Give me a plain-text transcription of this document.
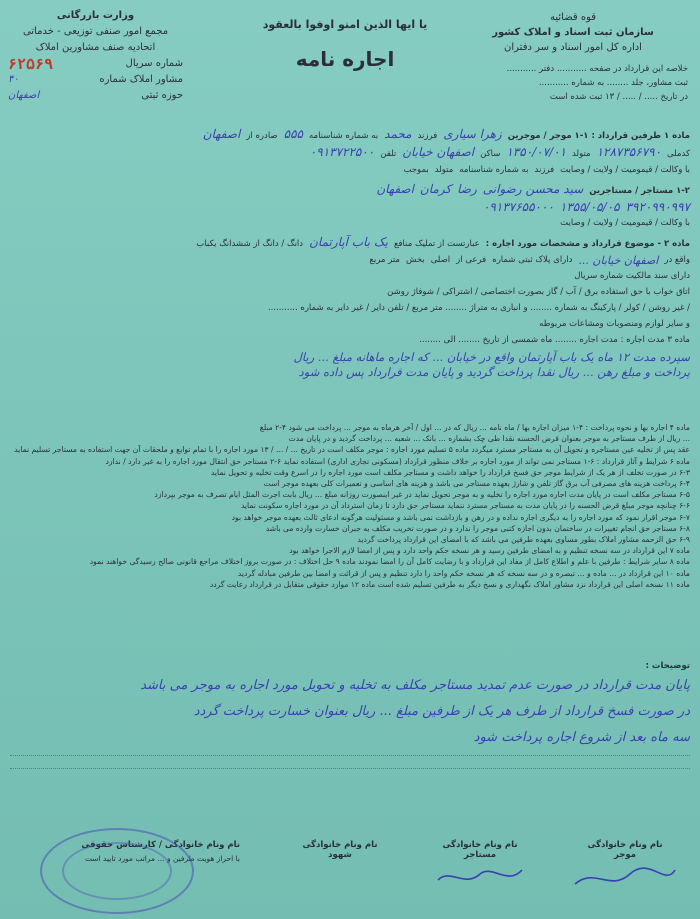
وزارت بازرگانی
مجمع امور صنفی توزیعی - خدماتی
اتحادیه صنف مشاورین املاک
شماره سریال
۶۲۵۶۹
مشاور املاک شماره
۴۰
حوزه ثبتی
اصفهان
یا ایها الذین امنو اوفوا بالعقود
اجاره نامه
قوه قضائیه
سازمان ثبت اسناد و املاک کشور
اداره کل امور اسناد و سر دفتران
خلاصه این قرارداد در صفحه ........... دفتر ...........
ثبت مشاور، جلد ........ به شماره ...........
در تاریخ ..... / ..... / ۱۳ ثبت شده است
ماده ۱ طرفین قرارداد : ۱-۱ موجر / موجرین
زهرا سیاری
فرزند
محمد
به شماره شناسنامه
۵۵۵
صادره از
اصفهان
کدملی
۱۲۸۷۳۵۶۷۹۰
متولد
۱۳۵۰/۰۷/۰۱
ساکن
اصفهان خیابان
تلفن
۰۹۱۳۷۲۲۵۰۰
با وکالت / قیمومیت / ولایت / وصایت
فرزند
به شماره شناسنامه
متولد
بموجب
۱-۲ مستاجر / مستاجرین
سید محسن رضوانی
رضا
کرمان
اصفهان
۳۹۲۰۹۹۰۹۹۷
۱۳۵۵/۰۵/۰۵
۰۹۱۳۷۶۵۵۰۰۰
با وکالت / قیمومیت / ولایت / وصایت
ماده ۲ - موضوع قرارداد و مشخصات مورد اجاره :
عبارتست از تملیک منافع
یک باب آپارتمان
دانگ / دانگ از ششدانگ یکباب
واقع در
اصفهان خیابان ...
دارای پلاک ثبتی شماره
فرعی از
اصلی
بخش
متر مربع
دارای سند مالکیت شماره سریال
اتاق خواب با حق استفاده برق / آب / گاز بصورت اختصاصی / اشتراکی / شوفاژ روشن
/ غیر روشن / کولر / پارکینگ به شماره ........ و انباری به متراژ ........ متر مربع / تلفن دایر / غیر دایر به شماره ...........
و سایر لوازم ومنصوبات ومشاعات مربوطه
ماده ۳ مدت اجاره : مدت اجاره ........ ماه شمسی از تاریخ ........ الی ........
سپرده مدت ۱۲ ماه یک باب آپارتمان واقع در خیابان ... که اجاره ماهانه مبلغ ... ریال
پرداخت و مبلغ رهن ... ریال نقدا پرداخت گردید و پایان مدت قرارداد پس داده شود
ماده ۴ اجاره بها و نحوه پرداخت : ۴-۱ میزان اجاره بها / ماه نامه ... ریال که در ... اول / آخر هرماه به موجر ... پرداخت می شود ۴-۲ مبلغ
... ریال از طرف مستاجر به موجر بعنوان قرض الحسنه نقدا طی چک بشماره ... بانک ... شعبه ... پرداخت گردید و در پایان مدت
عقد پس از تخلیه عین مستاجره و تحویل آن به مستاجر مسترد میگردد ماده ۵ تسلیم مورد اجاره : موجر مکلف است در تاریخ ... / ... / ۱۳ مورد اجاره را با تمام توابع و ملحقات آن جهت استفاده به مستاجر تسلیم نماید
ماده ۶ شرایط و آثار قرارداد : ۶-۱ مستاجر نمی تواند از مورد اجاره بر خلاف منظور قرارداد (مسکونی تجاری اداری) استفاده نماید ۶-۲ مستاجر حق انتقال مورد اجاره را به غیر دارد / ندارد
۶-۳ در صورت تخلف از هر یک از شرایط موجر حق فسخ قرارداد را خواهد داشت و مستاجر مکلف است مورد اجاره را در اسرع وقت تخلیه و تحویل نماید
۶-۴ پرداخت هزینه های مصرفی آب برق گاز تلفن و شارژ بعهده مستاجر می باشد و هزینه های اساسی و تعمیرات کلی بعهده موجر است
۶-۵ مستاجر مکلف است در پایان مدت اجاره مورد اجاره را تخلیه و به موجر تحویل نماید در غیر اینصورت روزانه مبلغ ... ریال بابت اجرت المثل ایام تصرف به موجر بپردازد
۶-۶ چنانچه موجر مبلغ قرض الحسنه را در پایان مدت به مستاجر مسترد ننماید مستاجر حق دارد تا زمان استرداد آن در مورد اجاره سکونت نماید
۶-۷ موجر اقرار نمود که مورد اجاره را به دیگری اجاره نداده و در رهن و بازداشت نمی باشد و مسئولیت هرگونه ادعای ثالث بعهده موجر خواهد بود
۶-۸ مستاجر حق انجام تغییرات در ساختمان بدون اجازه کتبی موجر را ندارد و در صورت تخریب مکلف به جبران خسارت وارده می باشد
۶-۹ حق الزحمه مشاور املاک بطور مساوی بعهده طرفین می باشد که با امضای این قرارداد پرداخت گردید
ماده ۷ این قرارداد در سه نسخه تنظیم و به امضای طرفین رسید و هر نسخه حکم واحد دارد و پس از امضا لازم الاجرا خواهد بود
ماده ۸ سایر شرایط : طرفین با علم و اطلاع کامل از مفاد این قرارداد و با رضایت کامل آن را امضا نمودند ماده ۹ حل اختلاف : در صورت بروز اختلاف مراجع قانونی صالح رسیدگی خواهند نمود
ماده ۱۰ این قرارداد در ... ماده و ... تبصره و در سه نسخه که هر نسخه حکم واحد را دارد تنظیم و پس از قرائت و امضا بین طرفین مبادله گردید
ماده ۱۱ نسخه اصلی این قرارداد نزد مشاور املاک نگهداری و نسخ دیگر به طرفین تسلیم شده است ماده ۱۲ موارد حقوقی متقابل در قرارداد رعایت گردد
توضیحات :
پایان مدت قرارداد در صورت عدم تمدید مستاجر مکلف به تخلیه و تحویل مورد اجاره به موجر می باشد
در صورت فسخ قرارداد از طرف هر یک از طرفین مبلغ ... ریال بعنوان خسارت پرداخت گردد
سه ماه بعد از شروع اجاره پرداخت شود
نام ونام خانوادگی
موجر
نام ونام خانوادگی
مستاجر
نام ونام خانوادگی
شهود
نام ونام خانوادگی / کارشناس حقوقی
با احراز هویت طرفین و ... مراتب مورد تایید است
